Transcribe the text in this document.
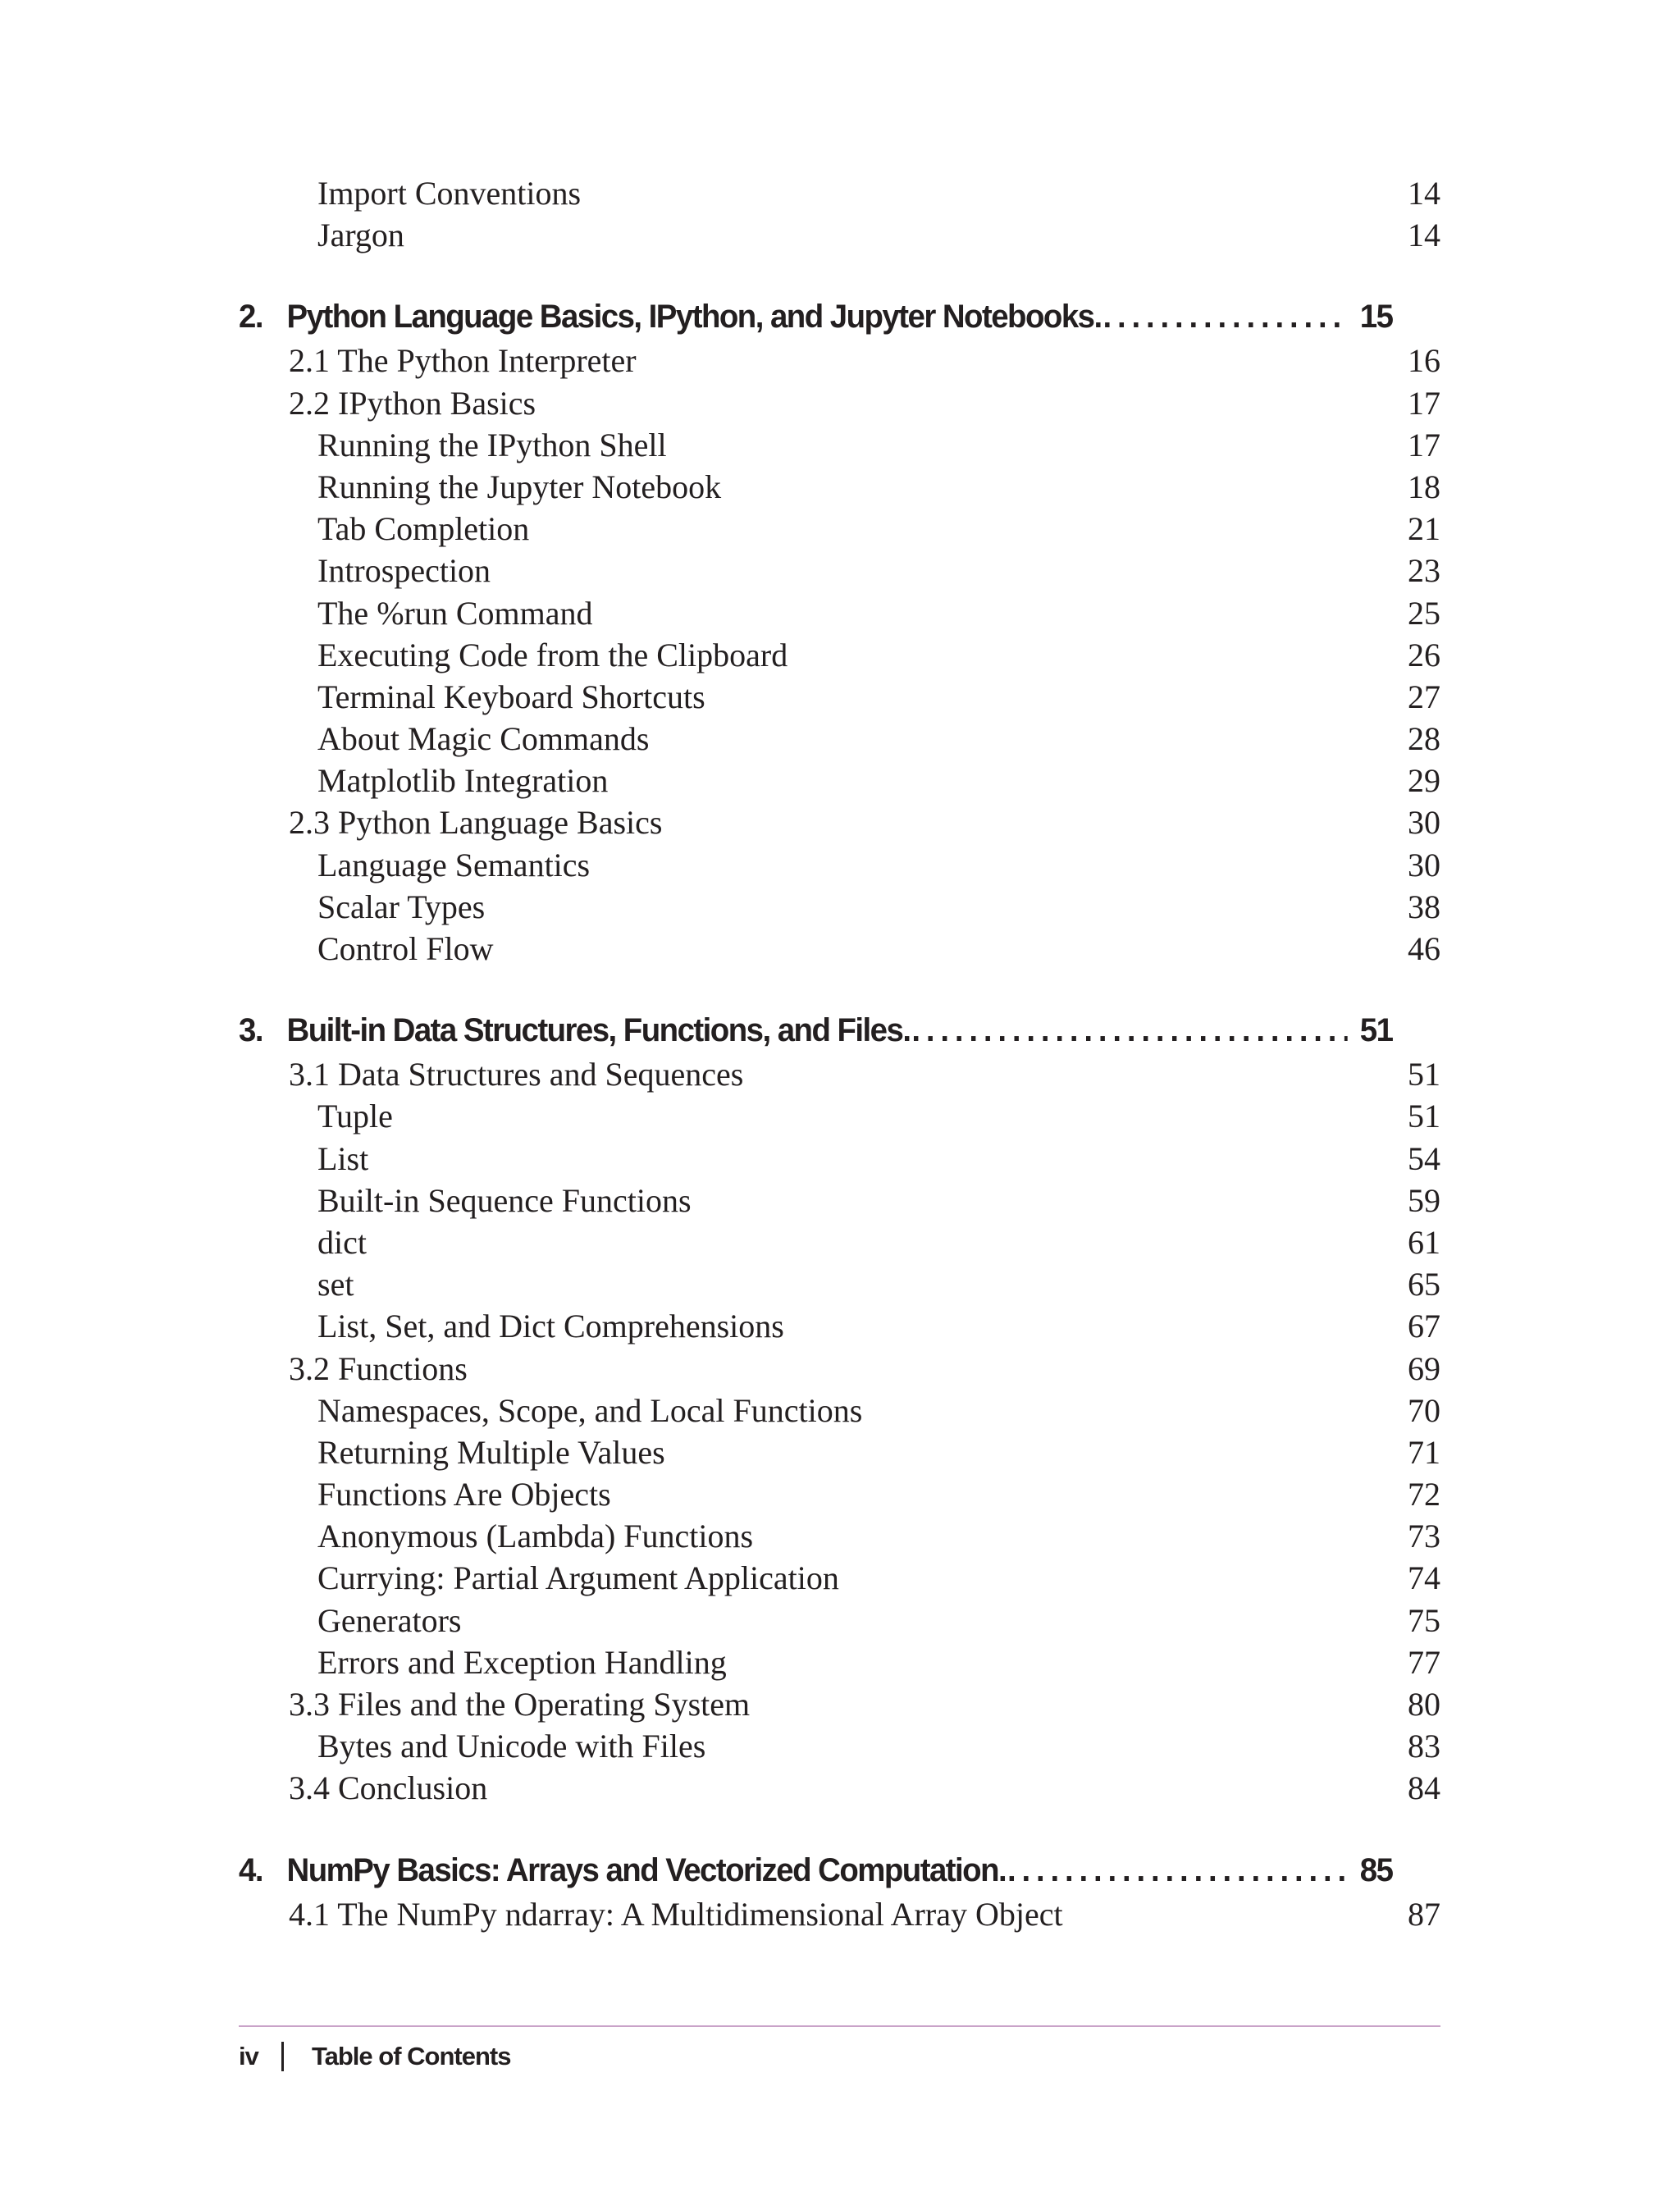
Import Conventions	14
Jargon	14
2. Python Language Basics, IPython, and Jupyter Notebooks. . . .	15
2.1 The Python Interpreter	16
2.2 IPython Basics	17
Running the IPython Shell	17
Running the Jupyter Notebook	18
Tab Completion	21
Introspection	23
The %run Command	25
Executing Code from the Clipboard	26
Terminal Keyboard Shortcuts	27
About Magic Commands	28
Matplotlib Integration	29
2.3 Python Language Basics	30
Language Semantics	30
Scalar Types	38
Control Flow	46
3. Built-in Data Structures, Functions, and Files. . . .	51
3.1 Data Structures and Sequences	51
Tuple	51
List	54
Built-in Sequence Functions	59
dict	61
set	65
List, Set, and Dict Comprehensions	67
3.2 Functions	69
Namespaces, Scope, and Local Functions	70
Returning Multiple Values	71
Functions Are Objects	72
Anonymous (Lambda) Functions	73
Currying: Partial Argument Application	74
Generators	75
Errors and Exception Handling	77
3.3 Files and the Operating System	80
Bytes and Unicode with Files	83
3.4 Conclusion	84
4. NumPy Basics: Arrays and Vectorized Computation. . . .	85
4.1 The NumPy ndarray: A Multidimensional Array Object	87
iv Table of Contents
